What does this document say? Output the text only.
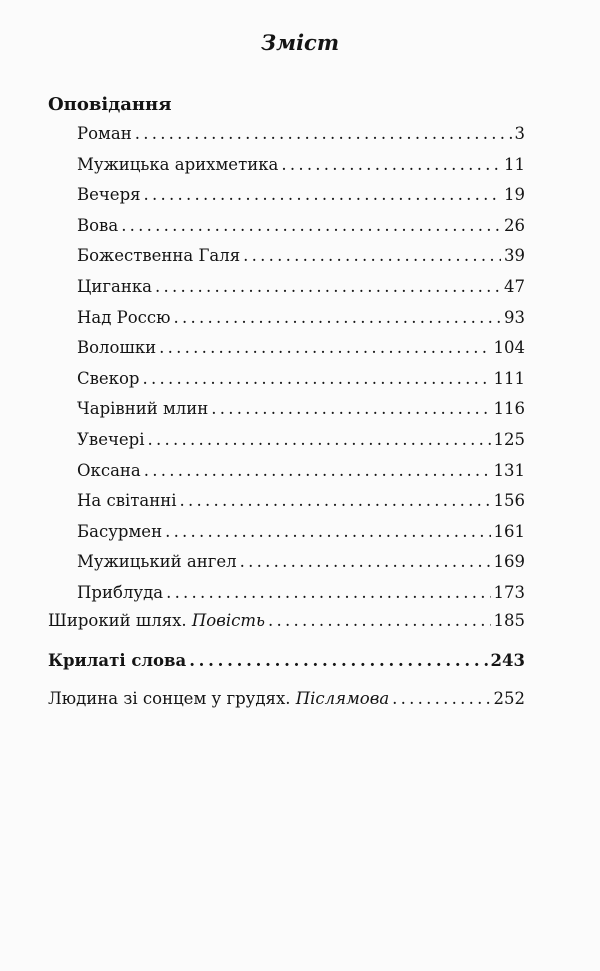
Зміст
Оповідання
Роман . . .	3
Мужицька арихметика . . .	11
Вечеря . . .	19
Вова . . .	26
Божественна Галя . . .	39
Циганка . . .	47
Над Россю . . .	93
Волошки . . .	104
Свекор . . .	111
Чарівний млин . . .	116
Увечері . . .	125
Оксана . . .	131
На світанні . . .	156
Басурмен . . .	161
Мужицький ангел . . .	169
Приблуда . . .	173
Широкий шлях. Повість . . .	185
Крилаті слова . . .	243
Людина зі сонцем у грудях. Післямова . . .	252
